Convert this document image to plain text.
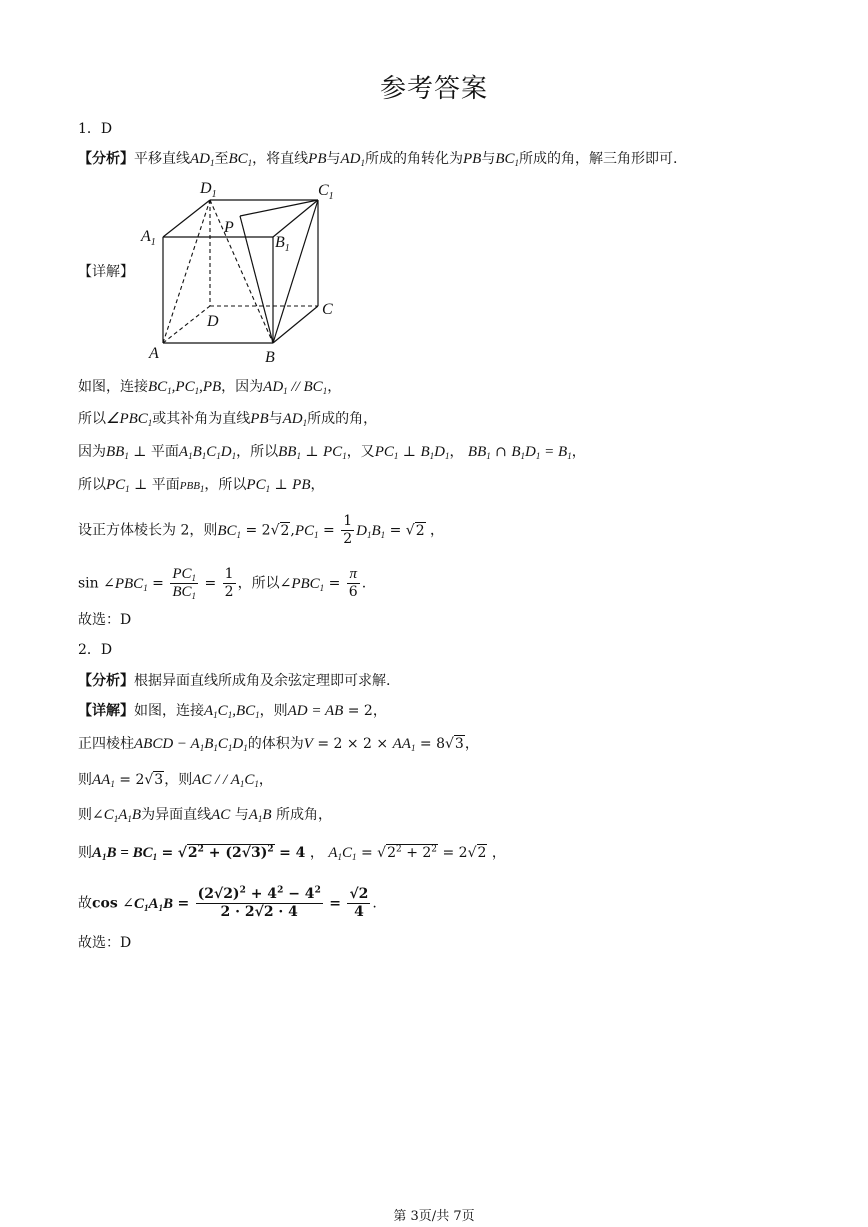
参考答案
1．D
【分析】平移直线$AD_1$至$BC_1$，将直线PB与$AD_1$所成的角转化为PB与$BC_1$所成的角，解三角形即可.
【详解】
$D_1$	$C_1$
$A_1$	$B_1$
P
D
C
A	B
如图，连接$BC_1,PC_1,PB$，因为$AD_1 // BC_1$，
所以$\angle PBC_1$或其补角为直线PB与$AD_1$所成的角，
因为$BB_1$ ⊥ 平面$A_1B_1C_1D_1$，所以$BB_1$ ⊥ $PC_1$，又$PC_1$ ⊥ $B_1D_1$， $BB_1$ ∩ $B_1D_1 = B_1$，
所以$PC_1$ ⊥ 平面$PBB_1$，所以$PC_1$ ⊥ PB，
设正方体棱长为 2，则$BC_1 = 2√2,PC_1 = \frac{1}{2} D_1B_1 = √2$ ，
$\sin \angle PBC_1 = \frac{PC_1}{BC_1} = \frac{1}{2}$ ，所以$\angle PBC_1 = \frac{\pi}{6}$ .
故选：D
2．D
【分析】根据异面直线所成角及余弦定理即可求解.
【详解】如图，连接$A_1C_1,BC_1$，则AD = AB = 2，
正四棱柱ABCD − $A_1B_1C_1D_1$的体积为$V = 2 \times 2 \times AA_1 = 8√3$，
则$AA_1 = 2√3$，则AC / / $A_1C_1$，
则$\angle C_1A_1B$为异面直线AC 与$A_1B$ 所成角，
则$A_1B = BC_1 = √2^2 + (2√3)^2 = 4$ ， $A_1C_1 = √2^2 + 2^2 = 2√2$ ，
故$\cos \angle C_1A_1B = \frac{(2√2)^2 + 4^2 - 4^2}{2 \cdot 2√2 \cdot 4} = \frac{√2}{4}$ .
故选：D
第 3页/共 7页
